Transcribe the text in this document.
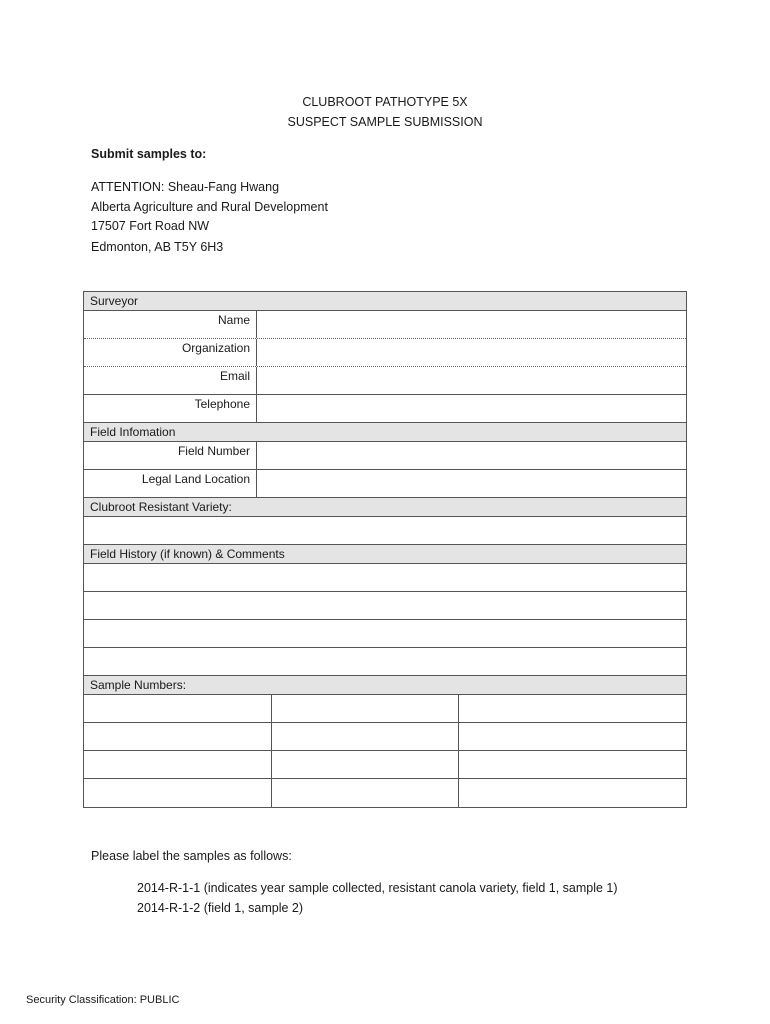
CLUBROOT PATHOTYPE 5X
SUSPECT SAMPLE SUBMISSION
Submit samples to:
ATTENTION: Sheau-Fang Hwang
Alberta Agriculture and Rural Development
17507 Fort Road NW
Edmonton, AB T5Y 6H3
Surveyor
Name
Organization
Email
Telephone
Field Infomation
Field Number
Legal Land Location
Clubroot Resistant Variety:
Field History (if known) & Comments
Sample Numbers:
Please label the samples as follows:
2014-R-1-1 (indicates year sample collected, resistant canola variety, field 1, sample 1)
2014-R-1-2 (field 1, sample 2)
Security Classification: PUBLIC
